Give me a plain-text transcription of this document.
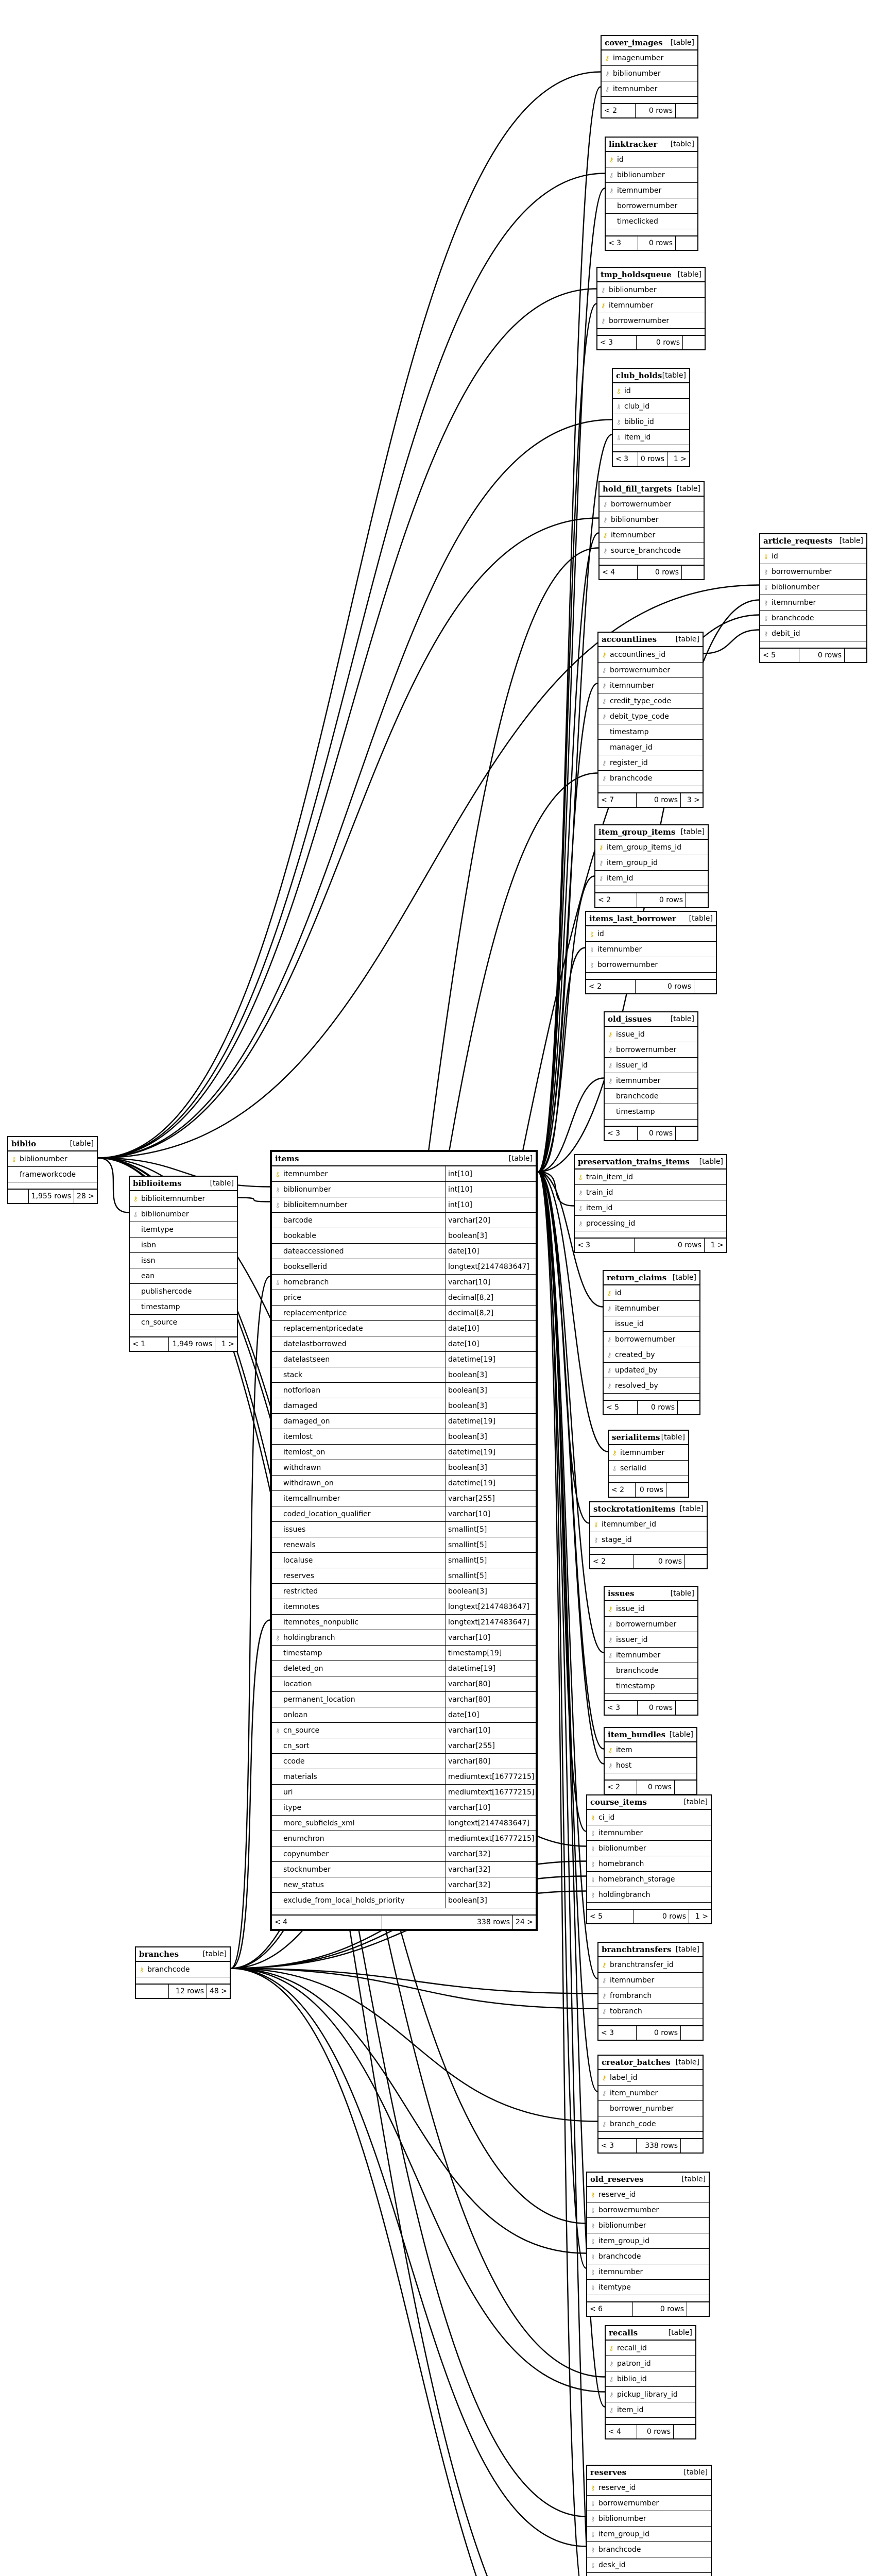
cover_images [table]
⚷ imagenumber
⚷ biblionumber
⚷ itemnumber
< 2	0 rows
linktracker [table]
⚷ id
⚷ biblionumber
⚷ itemnumber
borrowernumber
timeclicked
< 3	0 rows
tmp_holdsqueue [table]
⚷ biblionumber
⚷ itemnumber
⚷ borrowernumber
< 3	0 rows
club_holds [table]
⚷ id
⚷ club_id
⚷ biblio_id
⚷ item_id
< 3	0 rows	1 >
hold_fill_targets [table]
⚷ borrowernumber
⚷ biblionumber
⚷ itemnumber
⚷ source_branchcode
< 4	0 rows
article_requests [table]
⚷ id
⚷ borrowernumber
⚷ biblionumber
⚷ itemnumber
⚷ branchcode
⚷ debit_id
< 5	0 rows
accountlines	[table]
⚷ accountlines_id
⚷ borrowernumber
⚷ itemnumber
⚷ credit_type_code
⚷ debit_type_code
timestamp
manager_id
⚷ register_id
⚷ branchcode
< 7	0 rows	3 >
item_group_items [table]
⚷ item_group_items_id
⚷ item_group_id
⚷ item_id
< 2	0 rows
items_last_borrower [table]
⚷ id
⚷ itemnumber
⚷ borrowernumber
< 2	0 rows
old_issues	[table]
⚷ issue_id
⚷ borrowernumber
⚷ issuer_id
⚷ itemnumber
branchcode
timestamp
< 3	0 rows
preservation_trains_items [table]
⚷ train_item_id
⚷ train_id
⚷ item_id
⚷ processing_id
< 3	0 rows	1 >
return_claims [table]
⚷ id
⚷ itemnumber
issue_id
⚷ borrowernumber
⚷ created_by
⚷ updated_by
⚷ resolved_by
< 5	0 rows
serialitems [table]
⚷ itemnumber
⚷ serialid
< 2	0 rows
stockrotationitems [table]
⚷ itemnumber_id
⚷ stage_id
< 2	0 rows
issues	[table]
⚷ issue_id
⚷ borrowernumber
⚷ issuer_id
⚷ itemnumber
branchcode
timestamp
< 3	0 rows
item_bundles [table]
⚷ item
⚷ host
< 2	0 rows
course_items	[table]
⚷ ci_id
⚷ itemnumber
⚷ biblionumber
⚷ homebranch
⚷ homebranch_storage
⚷ holdingbranch
< 5	0 rows	1 >
branchtransfers [table]
⚷ branchtransfer_id
⚷ itemnumber
⚷ frombranch
⚷ tobranch
< 3	0 rows
creator_batches [table]
⚷ label_id
⚷ item_number
borrower_number
⚷ branch_code
< 3	338 rows
old_reserves	[table]
⚷ reserve_id
⚷ borrowernumber
⚷ biblionumber
⚷ item_group_id
⚷ branchcode
⚷ itemnumber
⚷ itemtype
< 6	0 rows
recalls	[table]
⚷ recall_id
⚷ patron_id
⚷ biblio_id
⚷ pickup_library_id
⚷ item_id
< 4	0 rows
reserves	[table]
⚷ reserve_id
⚷ borrowernumber
⚷ biblionumber
⚷ item_group_id
⚷ branchcode
⚷ desk_id
biblio	[table]
⚷ biblionumber
frameworkcode
1,955 rows 28 >
biblioitems	[table]
⚷ biblioitemnumber
⚷ biblionumber
itemtype
isbn
issn
ean
publishercode
timestamp
cn_source
< 1	1,949 rows	1 >
branches	[table]
⚷ branchcode
12 rows 48 >
items	[table]
⚷ itemnumber	int[10]
⚷ biblionumber	int[10]
⚷ biblioitemnumber	int[10]
barcode	varchar[20]
bookable	boolean[3]
dateaccessioned	date[10]
booksellerid	longtext[2147483647]
⚷ homebranch	varchar[10]
price	decimal[8,2]
replacementprice	decimal[8,2]
replacementpricedate	date[10]
datelastborrowed	date[10]
datelastseen	datetime[19]
stack	boolean[3]
notforloan	boolean[3]
damaged	boolean[3]
damaged_on	datetime[19]
itemlost	boolean[3]
itemlost_on	datetime[19]
withdrawn	boolean[3]
withdrawn_on	datetime[19]
itemcallnumber	varchar[255]
coded_location_qualifier	varchar[10]
issues	smallint[5]
renewals	smallint[5]
localuse	smallint[5]
reserves	smallint[5]
restricted	boolean[3]
itemnotes	longtext[2147483647]
itemnotes_nonpublic	longtext[2147483647]
⚷ holdingbranch	varchar[10]
timestamp	timestamp[19]
deleted_on	datetime[19]
location	varchar[80]
permanent_location	varchar[80]
onloan	date[10]
⚷ cn_source	varchar[10]
cn_sort	varchar[255]
ccode	varchar[80]
materials	mediumtext[16777215]
uri	mediumtext[16777215]
itype	varchar[10]
more_subfields_xml	longtext[2147483647]
enumchron	mediumtext[16777215]
copynumber	varchar[32]
stocknumber	varchar[32]
new_status	varchar[32]
exclude_from_local_holds_priority	boolean[3]
< 4	338 rows 24 >
